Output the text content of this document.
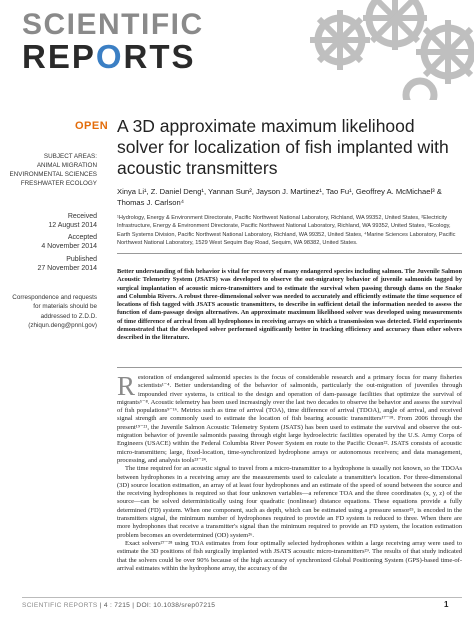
SCIENTIFIC
REPORTS
OPEN
SUBJECT AREAS:
ANIMAL MIGRATION
ENVIRONMENTAL SCIENCES
FRESHWATER ECOLOGY
Received
12 August 2014
Accepted
4 November 2014
Published
27 November 2014
Correspondence and requests for materials should be addressed to Z.D.D. (zhiqun.deng@pnnl.gov)
A 3D approximate maximum likelihood solver for localization of fish implanted with acoustic transmitters
Xinya Li¹, Z. Daniel Deng¹, Yannan Sun², Jayson J. Martinez¹, Tao Fu¹, Geoffrey A. McMichael³ & Thomas J. Carlson⁴
¹Hydrology, Energy & Environment Directorate, Pacific Northwest National Laboratory, Richland, WA 99352, United States, ²Electricity Infrastructure, Energy & Environment Directorate, Pacific Northwest National Laboratory, Richland, WA 99352, United States, ³Ecology, Earth Systems Division, Pacific Northwest National Laboratory, Richland, WA 99352, United States, ⁴Marine Sciences Laboratory, Pacific Northwest National Laboratory, 1529 West Sequim Bay Road, Sequim, WA 98382, United States.
Better understanding of fish behavior is vital for recovery of many endangered species including salmon. The Juvenile Salmon Acoustic Telemetry System (JSATS) was developed to observe the out-migratory behavior of juvenile salmonids tagged by surgical implantation of acoustic micro-transmitters and to estimate the survival when passing through dams on the Snake and Columbia Rivers. A robust three-dimensional solver was needed to accurately and efficiently estimate the time sequence of locations of fish tagged with JSATS acoustic transmitters, to describe in sufficient detail the information needed to assess the function of dam-passage design alternatives. An approximate maximum likelihood solver was developed using measurements of time difference of arrival from all hydrophones in receiving arrays on which a transmission was detected. Field experiments demonstrated that the developed solver performed significantly better in tracking efficiency and accuracy than other solvers described in the literature.

Restoration of endangered salmonid species is the focus of considerable research and a primary focus for many fisheries scientists¹⁻⁴. Better understanding of the behavior of salmonids, particularly the out-migration of juveniles through impounded river systems, is critical to the design and operation of dam-passage facilities that optimize the survival of migrants⁵⁻⁸. Acoustic telemetry has been used increasingly over the last two decades to observe the behavior and assess the survival of fish populations⁹⁻¹⁶. Metrics such as time of arrival (TOA), time difference of arrival (TDOA), angle of arrival, and received signal strength are commonly used to estimate the location of fish bearing acoustic transmitters¹⁷⁻¹⁸. From 2006 through the present¹⁹⁻²¹, the Juvenile Salmon Acoustic Telemetry System (JSATS) has been used to estimate the survival and observe the out-migration behavior of juvenile salmonids passing through eight large hydroelectric facilities operated by the U.S. Army Corps of Engineers (USACE) within the Federal Columbia River Power System en route to the Pacific Ocean²². JSATS consists of acoustic micro-transmitters; large, fixed-location, time-synchronized hydrophone arrays or autonomous receivers; and data management, processing, and analysis tools²³⁻²⁴.

The time required for an acoustic signal to travel from a micro-transmitter to a hydrophone is usually not known, so the TDOAs between hydrophones in a receiving array are the measurements used to calculate a transmitter's location. For three-dimensional (3D) source location estimation, an array of at least four hydrophones and an estimate of the speed of sound between the source and the receiving hydrophones is required so that four unknown variables—a reference TOA and the three coordinates (x, y, z) of the source—can be solved deterministically using four quadratic (nonlinear) distance equations. These equations provide a fully determined (FD) system. When one component, such as depth, which can be estimated using a pressure sensor²⁵, is encoded in the transmitters signal, the minimum number of hydrophones required to provide an FD system is reduced to three. When there are more hydrophones that receive a transmitter's signal than the minimum required to provide an FD system, the location estimation problem becomes an overdetermined (OD) system²⁶.

Exact solvers²⁷⁻²⁸ using TOA estimates from four optimally selected hydrophones within a large receiving array were used to estimate the 3D positions of fish surgically implanted with JSATS acoustic micro-transmitters²⁹. The results of that study indicated that the solvers could be over 90% because of the high accuracy of synchronized Global Positioning System (GPS)-based time-of-arrival estimates within the hydrophone array, the accuracy of the

SCIENTIFIC REPORTS | 4 : 7215 | DOI: 10.1038/srep07215	1
